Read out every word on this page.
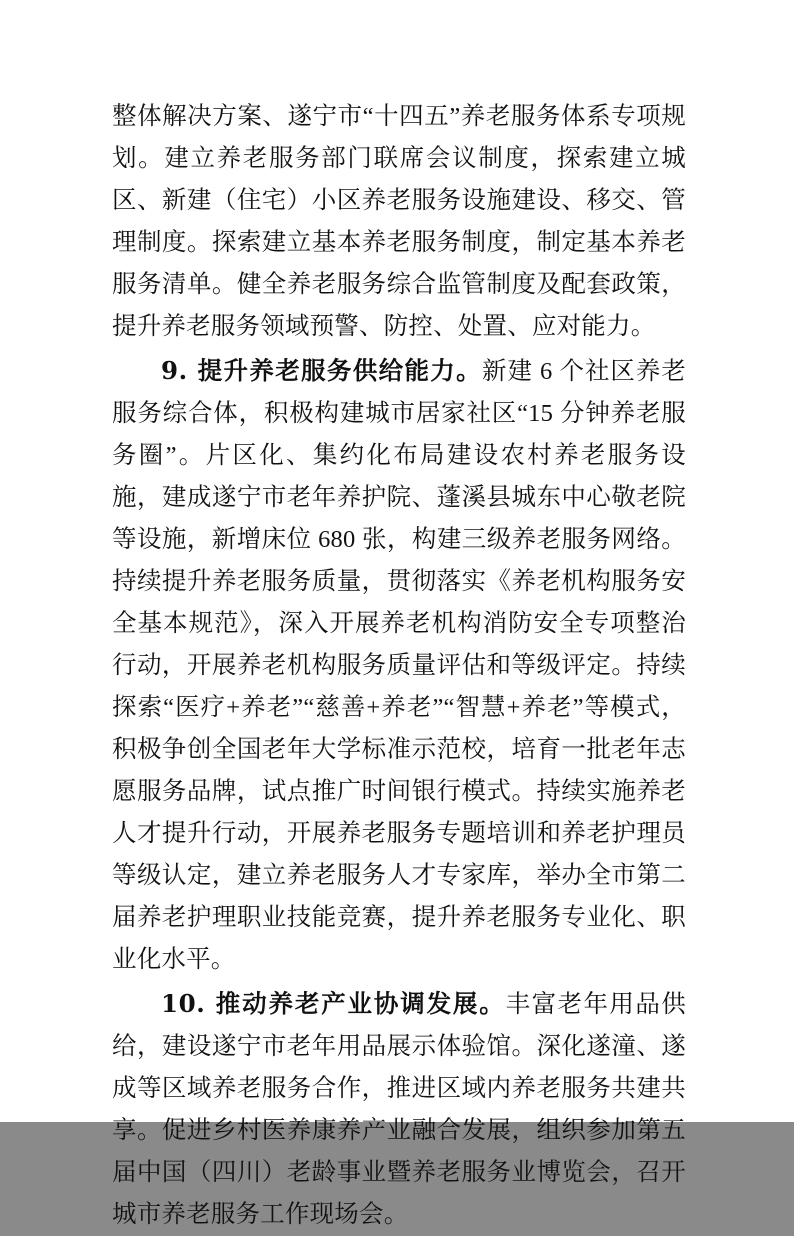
整体解决方案、遂宁市“十四五”养老服务体系专项规划。建立养老服务部门联席会议制度，探索建立城区、新建（住宅）小区养老服务设施建设、移交、管理制度。探索建立基本养老服务制度，制定基本养老服务清单。健全养老服务综合监管制度及配套政策，提升养老服务领域预警、防控、处置、应对能力。

9. 提升养老服务供给能力。新建 6 个社区养老服务综合体，积极构建城市居家社区“15 分钟养老服务圈”。片区化、集约化布局建设农村养老服务设施，建成遂宁市老年养护院、蓬溪县城东中心敬老院等设施，新增床位 680 张，构建三级养老服务网络。持续提升养老服务质量，贯彻落实《养老机构服务安全基本规范》，深入开展养老机构消防安全专项整治行动，开展养老机构服务质量评估和等级评定。持续探索“医疗+养老”“慈善+养老”“智慧+养老”等模式，积极争创全国老年大学标准示范校，培育一批老年志愿服务品牌，试点推广时间银行模式。持续实施养老人才提升行动，开展养老服务专题培训和养老护理员等级认定，建立养老服务人才专家库，举办全市第二届养老护理职业技能竞赛，提升养老服务专业化、职业化水平。

10. 推动养老产业协调发展。丰富老年用品供给，建设遂宁市老年用品展示体验馆。深化遂潼、遂成等区域养老服务合作，推进区域内养老服务共建共享。促进乡村医养康养产业融合发展，组织参加第五届中国（四川）老龄事业暨养老服务业博览会，召开城市养老服务工作现场会。
